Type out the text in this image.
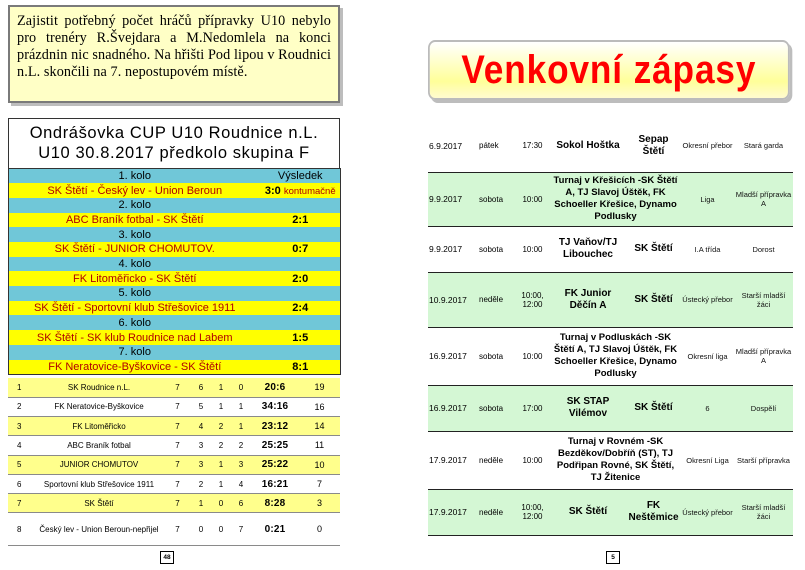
Zajistit potřebný počet hráčů přípravky U10 nebylo pro trenéry R.Švejdara a M.Nedomlela na konci prázdnin nic snadného. Na hřišti Pod lipou v Roudnici n.L. skončili na 7. nepostupovém místě.
Ondrášovka CUP U10 Roudnice n.L.
U10 30.8.2017 předkolo skupina F
1. kolo	Výsledek
SK Štětí - Český lev - Union Beroun	3:0 kontumačně
2. kolo	
ABC Braník fotbal - SK Štětí	2:1
3. kolo	
SK Štětí - JUNIOR CHOMUTOV.	0:7
4. kolo	
FK Litoměřicko - SK Štětí	2:0
5. kolo	
SK Štětí - Sportovní klub Střešovice 1911	2:4
6. kolo	
SK Štětí - SK klub Roudnice nad Labem	1:5
7. kolo	
FK Neratovice-Byškovice - SK Štětí	8:1
1	SK Roudnice n.L.	7	6	1	0	20:6	19
2	FK Neratovice-Byškovice	7	5	1	1	34:16	16
3	FK Litoměřicko	7	4	2	1	23:12	14
4	ABC Braník fotbal	7	3	2	2	25:25	11
5	JUNIOR CHOMUTOV	7	3	1	3	25:22	10
6	Sportovní klub Střešovice 1911	7	2	1	4	16:21	7
7	SK Štětí	7	1	0	6	8:28	3
8	Český lev - Union Beroun-nepřijel	7	0	0	7	0:21	0
48
Venkovní zápasy
6.9.2017	pátek	17:30	Sokol Hoštka	Sepap Štětí	Okresní přebor	Stará garda
9.9.2017	sobota	10:00	Turnaj v Křešicích -SK Štětí A, TJ Slavoj Úštěk, FK Schoeller Křešice, Dynamo Podlusky		Liga	Mladší přípravka A
9.9.2017	sobota	10:00	TJ Vaňov/TJ Libouchec	SK Štětí	I.A třída	Dorost
10.9.2017	neděle	10:00, 12:00	FK Junior Děčín A	SK Štětí	Ústecký přebor	Starší mladší žáci
16.9.2017	sobota	10:00	Turnaj v Podluskách -SK Štětí A, TJ Slavoj Úštěk, FK Schoeller Křešice, Dynamo Podlusky		Okresní liga	Mladší přípravka A
16.9.2017	sobota	17:00	SK STAP Vilémov	SK Štětí	6	Dospělí
17.9.2017	neděle	10:00	Turnaj v Rovném -SK Bezděkov/Dobříň (ST), TJ Podřipan Rovné, SK Štětí, TJ Žitenice		Okresní Liga	Starší přípravka
17.9.2017	neděle	10:00, 12:00	SK Štětí	FK Neštěmice	Ústecký přebor	Starší mladší žáci
5
